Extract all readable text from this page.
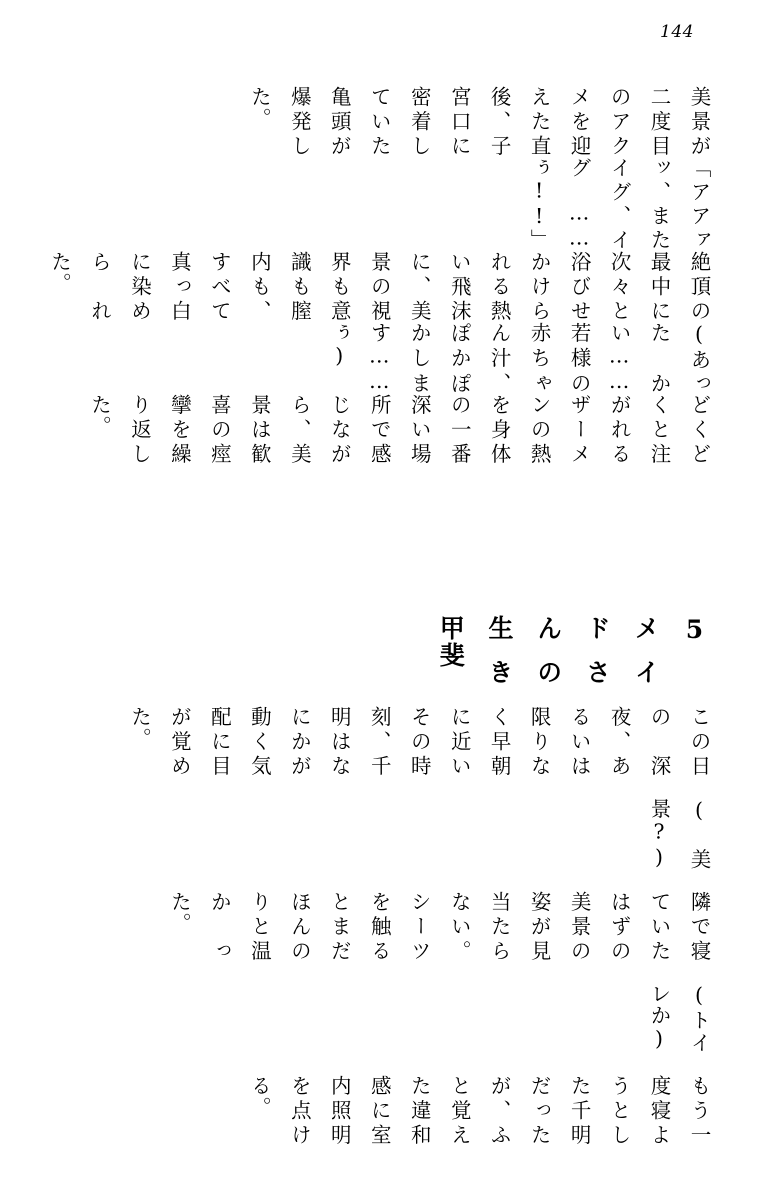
144

美景が二度目のアクメを迎えた直後、子宮口に密着していた亀頭が爆発した。

「アアァッ、またイグ、イグ……ぅ!!」

絶頂の最中に次々と浴びせかけられる熱い飛沫に、美景の視界も意識も膣内も、すべて真っ白に染められた。

(あったかい……若様の赤ちゃん汁、ぽかぽかします……ぅ)

どくどくと注がれるザーメンの熱を身体の一番深い場所で感じながら、美景は歓喜の痙攣を繰り返した。

5 メイドさんの生き甲斐

この日の深夜、あるいは限りなく早朝に近いその時刻、千明はなにかが動く気配に目が覚めた。

(美景?)

隣で寝ていたはずの美景の姿が見当たらない。シーツを触るとまだほんのりと温かった。

(トイレか)

もう一度寝ようとした千明だったが、ふと覚えた違和感に室内照明を点ける。
